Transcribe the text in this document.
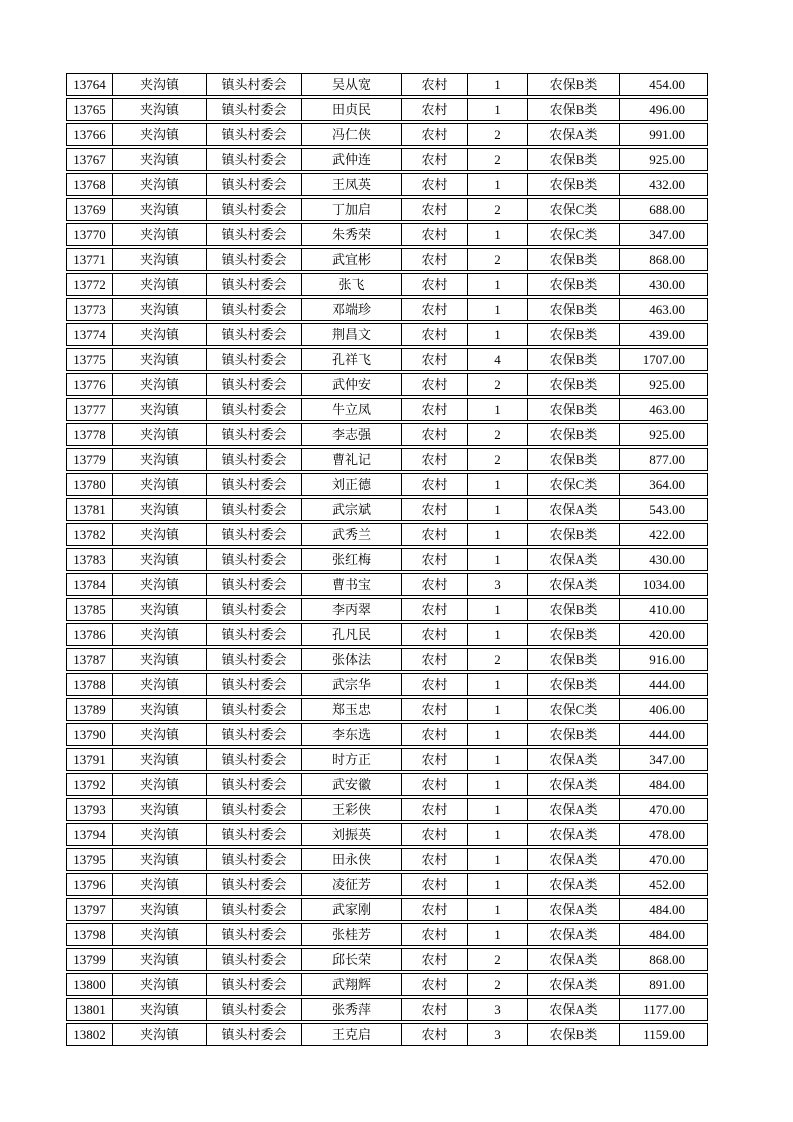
13764	夹沟镇	镇头村委会	吴从宽	农村	1	农保B类	454.00
13765	夹沟镇	镇头村委会	田贞民	农村	1	农保B类	496.00
13766	夹沟镇	镇头村委会	冯仁侠	农村	2	农保A类	991.00
13767	夹沟镇	镇头村委会	武仲连	农村	2	农保B类	925.00
13768	夹沟镇	镇头村委会	王凤英	农村	1	农保B类	432.00
13769	夹沟镇	镇头村委会	丁加启	农村	2	农保C类	688.00
13770	夹沟镇	镇头村委会	朱秀荣	农村	1	农保C类	347.00
13771	夹沟镇	镇头村委会	武宜彬	农村	2	农保B类	868.00
13772	夹沟镇	镇头村委会	张飞	农村	1	农保B类	430.00
13773	夹沟镇	镇头村委会	邓端珍	农村	1	农保B类	463.00
13774	夹沟镇	镇头村委会	荆昌文	农村	1	农保B类	439.00
13775	夹沟镇	镇头村委会	孔祥飞	农村	4	农保B类	1707.00
13776	夹沟镇	镇头村委会	武仲安	农村	2	农保B类	925.00
13777	夹沟镇	镇头村委会	牛立凤	农村	1	农保B类	463.00
13778	夹沟镇	镇头村委会	李志强	农村	2	农保B类	925.00
13779	夹沟镇	镇头村委会	曹礼记	农村	2	农保B类	877.00
13780	夹沟镇	镇头村委会	刘正德	农村	1	农保C类	364.00
13781	夹沟镇	镇头村委会	武宗斌	农村	1	农保A类	543.00
13782	夹沟镇	镇头村委会	武秀兰	农村	1	农保B类	422.00
13783	夹沟镇	镇头村委会	张红梅	农村	1	农保A类	430.00
13784	夹沟镇	镇头村委会	曹书宝	农村	3	农保A类	1034.00
13785	夹沟镇	镇头村委会	李丙翠	农村	1	农保B类	410.00
13786	夹沟镇	镇头村委会	孔凡民	农村	1	农保B类	420.00
13787	夹沟镇	镇头村委会	张体法	农村	2	农保B类	916.00
13788	夹沟镇	镇头村委会	武宗华	农村	1	农保B类	444.00
13789	夹沟镇	镇头村委会	郑玉忠	农村	1	农保C类	406.00
13790	夹沟镇	镇头村委会	李东选	农村	1	农保B类	444.00
13791	夹沟镇	镇头村委会	时方正	农村	1	农保A类	347.00
13792	夹沟镇	镇头村委会	武安徽	农村	1	农保A类	484.00
13793	夹沟镇	镇头村委会	王彩侠	农村	1	农保A类	470.00
13794	夹沟镇	镇头村委会	刘振英	农村	1	农保A类	478.00
13795	夹沟镇	镇头村委会	田永侠	农村	1	农保A类	470.00
13796	夹沟镇	镇头村委会	凌征芳	农村	1	农保A类	452.00
13797	夹沟镇	镇头村委会	武家刚	农村	1	农保A类	484.00
13798	夹沟镇	镇头村委会	张桂芳	农村	1	农保A类	484.00
13799	夹沟镇	镇头村委会	邱长荣	农村	2	农保A类	868.00
13800	夹沟镇	镇头村委会	武翔辉	农村	2	农保A类	891.00
13801	夹沟镇	镇头村委会	张秀萍	农村	3	农保A类	1177.00
13802	夹沟镇	镇头村委会	王克启	农村	3	农保B类	1159.00
